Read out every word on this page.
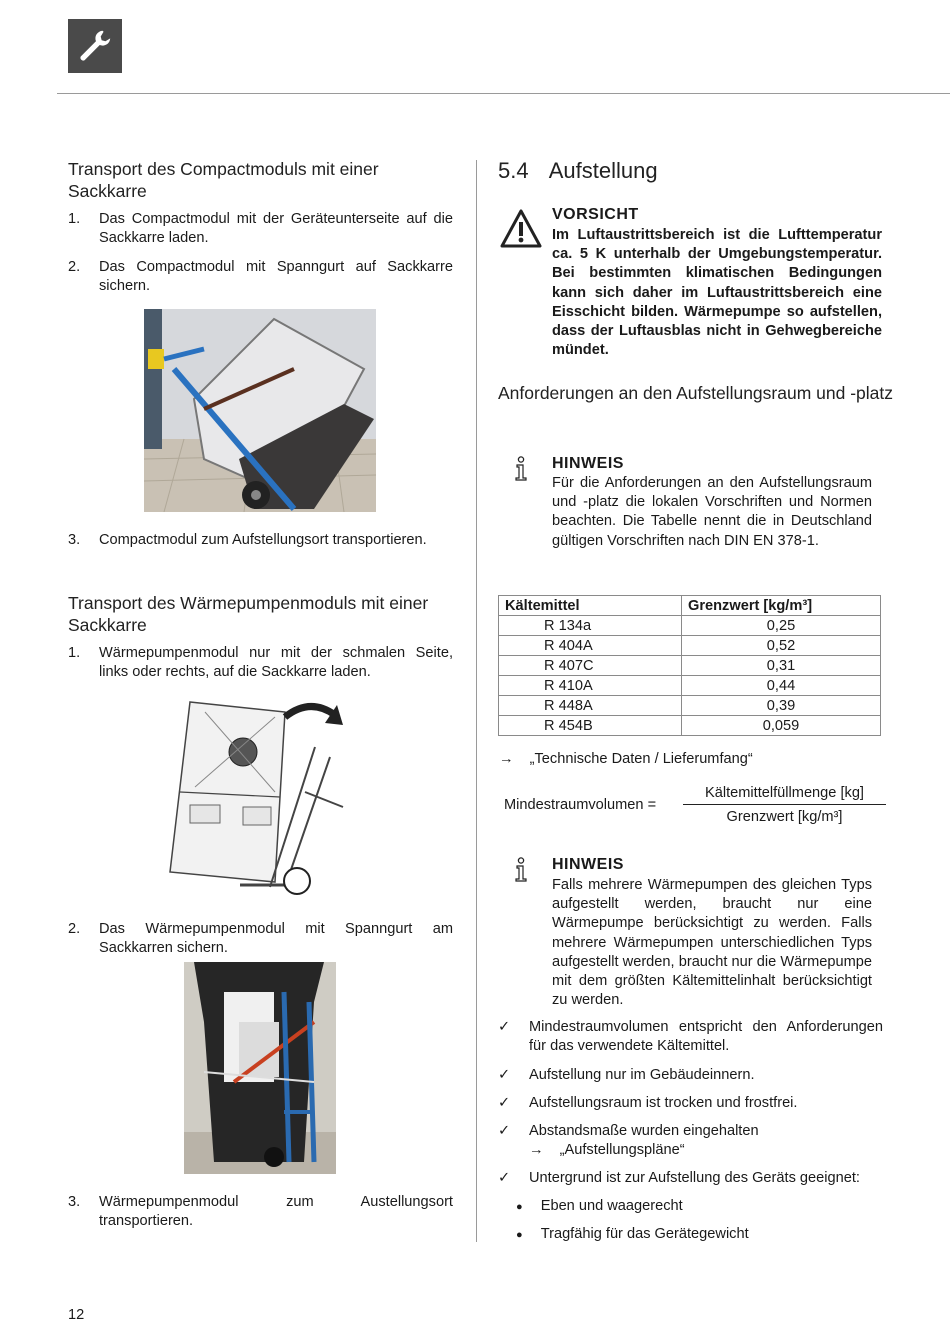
Transport des Compactmoduls mit einer Sackkarre
1. Das Compactmodul mit der Geräteunterseite auf die Sackkarre laden.
2. Das Compactmodul mit Spanngurt auf Sackkarre sichern.
3. Compactmodul zum Aufstellungsort transportieren.
Transport des Wärmepumpenmoduls mit einer Sackkarre
1. Wärmepumpenmodul nur mit der schmalen Seite, links oder rechts, auf die Sackkarre laden.
2. Das Wärmepumpenmodul mit Spanngurt am Sackkarren sichern.
3. Wärmepumpenmodul zum Austellungsort transportieren.
5.4 Aufstellung
VORSICHT
Im Luftaustrittsbereich ist die Lufttemperatur ca. 5 K unterhalb der Umgebungstemperatur. Bei bestimmten klimatischen Bedingungen kann sich daher im Luftaustrittsbereich eine Eisschicht bilden. Wärmepumpe so aufstellen, dass der Luftausblas nicht in Gehwegbereiche mündet.
Anforderungen an den Aufstellungsraum und -platz
HINWEIS
Für die Anforderungen an den Aufstellungsraum und -platz die lokalen Vorschriften und Normen beachten. Die Tabelle nennt die in Deutschland gültigen Vorschriften nach DIN EN 378-1.
Kältemittel	Grenzwert [kg/m³]
R 134a	0,25
R 404A	0,52
R 407C	0,31
R 410A	0,44
R 448A	0,39
R 454B	0,059
→ „Technische Daten / Lieferumfang“
Mindestraumvolumen =
Kältemittelfüllmenge [kg]
Grenzwert [kg/m³]
HINWEIS
Falls mehrere Wärmepumpen des gleichen Typs aufgestellt werden, braucht nur eine Wärmepumpe berücksichtigt zu werden. Falls mehrere Wärmepumpen unterschiedlichen Typs aufgestellt werden, braucht nur die Wärmepumpe mit dem größten Kältemittelinhalt berücksichtigt zu werden.
✓ Mindestraumvolumen entspricht den Anforderungen für das verwendete Kältemittel.
✓ Aufstellung nur im Gebäudeinnern.
✓ Aufstellungsraum ist trocken und frostfrei.
✓ Abstandsmaße wurden eingehalten
→ „Aufstellungspläne“
✓ Untergrund ist zur Aufstellung des Geräts geeignet:
● Eben und waagerecht
● Tragfähig für das Gerätegewicht
12
